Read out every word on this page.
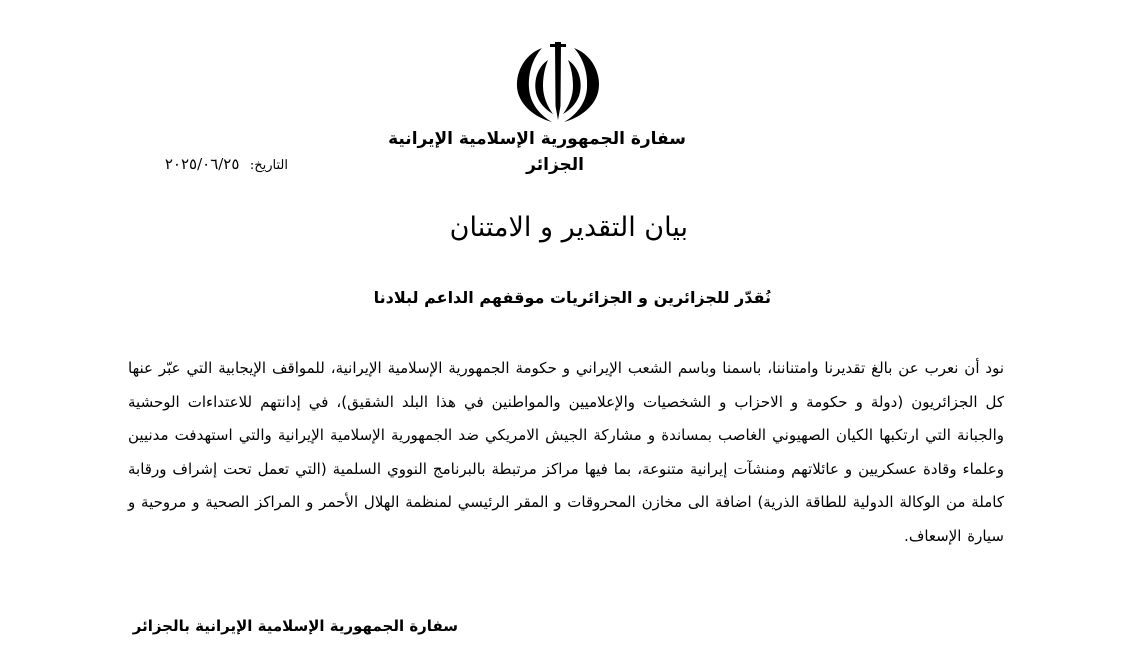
سفارة الجمهورية الإسلامية الإيرانية
الجزائر
التاريخ: ٢٠٢٥/٠٦/٢٥
بيان التقدير و الامتنان
نُقدّر للجزائرين و الجزائريات موقفهم الداعم لبلادنا
نود أن نعرب عن بالغ تقديرنا وامتناننا، باسمنا وباسم الشعب الإيراني و حكومة الجمهورية الإسلامية الإيرانية، للمواقف الإيجابية التي عبّر عنها كل الجزائريون (دولة و حكومة و الاحزاب و الشخصيات والإعلاميين والمواطنين في هذا البلد الشقيق)، في إدانتهم للاعتداءات الوحشية والجبانة التي ارتكبها الكيان الصهيوني الغاصب بمساندة و مشاركة الجيش الامريكي ضد الجمهورية الإسلامية الإيرانية والتي استهدفت مدنيين وعلماء وقادة عسكريين و عائلاتهم ومنشآت إيرانية متنوعة، بما فيها مراكز مرتبطة بالبرنامج النووي السلمية (التي تعمل تحت إشراف ورقابة كاملة من الوكالة الدولية للطاقة الذرية) اضافة الى مخازن المحروقات و المقر الرئيسي لمنظمة الهلال الأحمر و المراكز الصحية و مروحية و سيارة الإسعاف.
سفارة الجمهورية الإسلامية الإيرانية بالجزائر
